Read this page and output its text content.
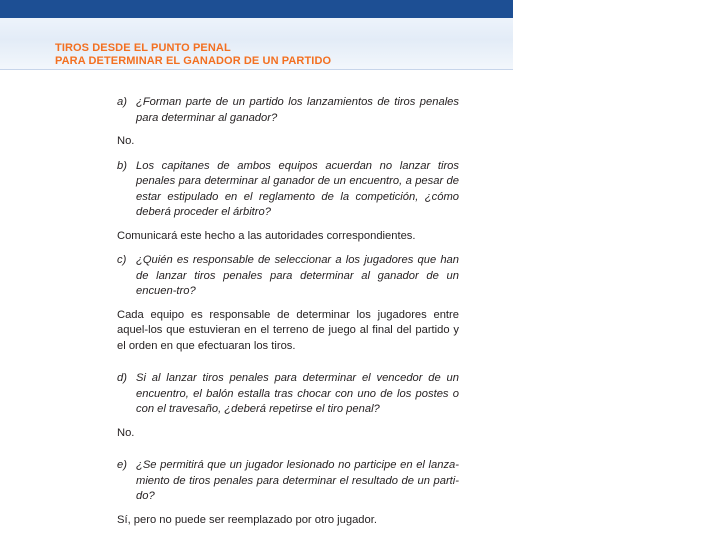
TIROS DESDE EL PUNTO PENAL
PARA DETERMINAR EL GANADOR DE UN PARTIDO

a) ¿Forman parte de un partido los lanzamientos de tiros penales para determinar al ganador?

No.

b) Los capitanes de ambos equipos acuerdan no lanzar tiros penales para determinar al ganador de un encuentro, a pesar de estar estipulado en el reglamento de la competición, ¿cómo deberá proceder el árbitro?

Comunicará este hecho a las autoridades correspondientes.

c) ¿Quién es responsable de seleccionar a los jugadores que han de lanzar tiros penales para determinar al ganador de un encuen-tro?

Cada equipo es responsable de determinar los jugadores entre aquel-los que estuvieran en el terreno de juego al final del partido y el orden en que efectuaran los tiros.

d) Si al lanzar tiros penales para determinar el vencedor de un encuentro, el balón estalla tras chocar con uno de los postes o con el travesaño, ¿deberá repetirse el tiro penal?

No.

e) ¿Se permitirá que un jugador lesionado no participe en el lanza-miento de tiros penales para determinar el resultado de un parti-do?

Sí, pero no puede ser reemplazado por otro jugador.
